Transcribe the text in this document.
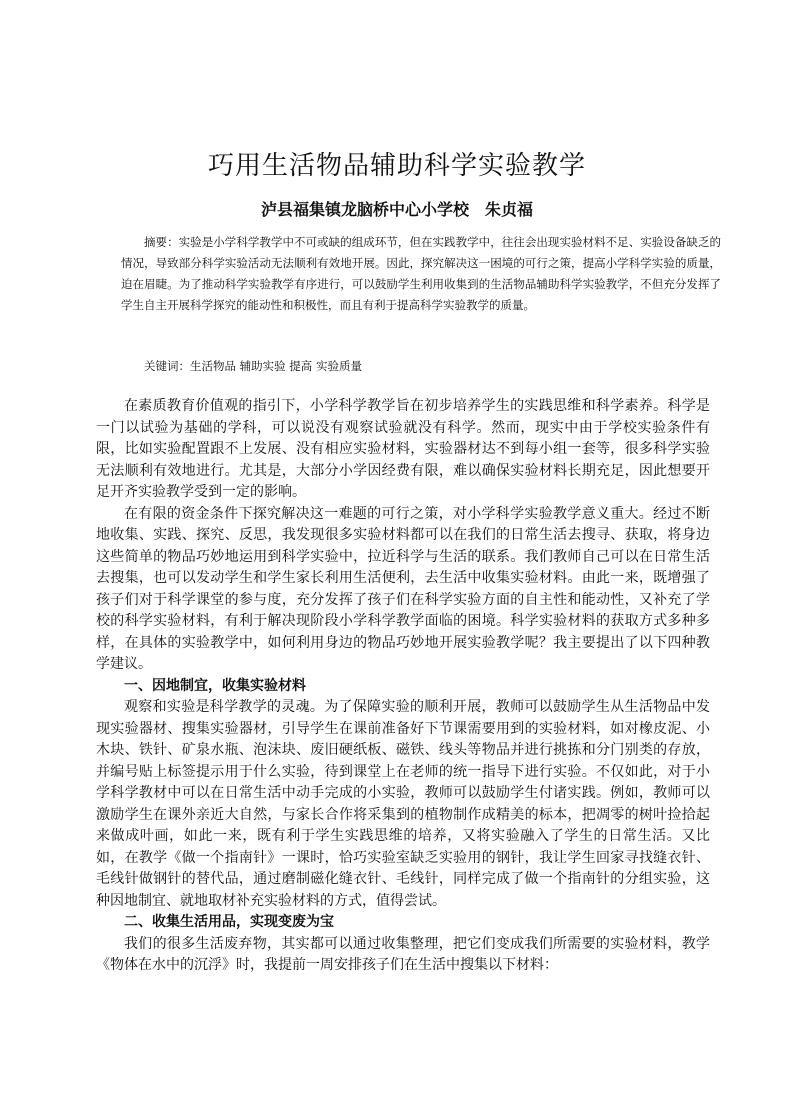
巧用生活物品辅助科学实验教学
泸县福集镇龙脑桥中心小学校　朱贞福
摘要：实验是小学科学教学中不可或缺的组成环节，但在实践教学中，往往会出现实验材料不足、实验设备缺乏的情况，导致部分科学实验活动无法顺利有效地开展。因此，探究解决这一困境的可行之策，提高小学科学实验的质量，迫在眉睫。为了推动科学实验教学有序进行，可以鼓励学生利用收集到的生活物品辅助科学实验教学，不但充分发挥了学生自主开展科学探究的能动性和积极性，而且有利于提高科学实验教学的质量。
关键词：生活物品 辅助实验 提高 实验质量

在素质教育价值观的指引下，小学科学教学旨在初步培养学生的实践思维和科学素养。科学是一门以试验为基础的学科，可以说没有观察试验就没有科学。然而，现实中由于学校实验条件有限，比如实验配置跟不上发展、没有相应实验材料，实验器材达不到每小组一套等，很多科学实验无法顺利有效地进行。尤其是，大部分小学因经费有限，难以确保实验材料长期充足，因此想要开足开齐实验教学受到一定的影响。

在有限的资金条件下探究解决这一难题的可行之策，对小学科学实验教学意义重大。经过不断地收集、实践、探究、反思，我发现很多实验材料都可以在我们的日常生活去搜寻、获取，将身边这些简单的物品巧妙地运用到科学实验中，拉近科学与生活的联系。我们教师自己可以在日常生活去搜集，也可以发动学生和学生家长利用生活便利，去生活中收集实验材料。由此一来，既增强了孩子们对于科学课堂的参与度，充分发挥了孩子们在科学实验方面的自主性和能动性，又补充了学校的科学实验材料，有利于解决现阶段小学科学教学面临的困境。科学实验材料的获取方式多种多样，在具体的实验教学中，如何利用身边的物品巧妙地开展实验教学呢？我主要提出了以下四种教学建议。

一、因地制宜，收集实验材料

观察和实验是科学教学的灵魂。为了保障实验的顺利开展，教师可以鼓励学生从生活物品中发现实验器材、搜集实验器材，引导学生在课前准备好下节课需要用到的实验材料，如对橡皮泥、小木块、铁针、矿泉水瓶、泡沫块、废旧硬纸板、磁铁、线头等物品并进行挑拣和分门别类的存放，并编号贴上标签提示用于什么实验，待到课堂上在老师的统一指导下进行实验。不仅如此，对于小学科学教材中可以在日常生活中动手完成的小实验，教师可以鼓励学生付诸实践。例如，教师可以激励学生在课外亲近大自然，与家长合作将采集到的植物制作成精美的标本，把凋零的树叶捡拾起来做成叶画，如此一来，既有利于学生实践思维的培养，又将实验融入了学生的日常生活。又比如，在教学《做一个指南针》一课时，恰巧实验室缺乏实验用的钢针，我让学生回家寻找缝衣针、毛线针做钢针的替代品，通过磨制磁化缝衣针、毛线针，同样完成了做一个指南针的分组实验，这种因地制宜、就地取材补充实验材料的方式，值得尝试。

二、收集生活用品，实现变废为宝

我们的很多生活废弃物，其实都可以通过收集整理，把它们变成我们所需要的实验材料，教学《物体在水中的沉浮》时，我提前一周安排孩子们在生活中搜集以下材料：
